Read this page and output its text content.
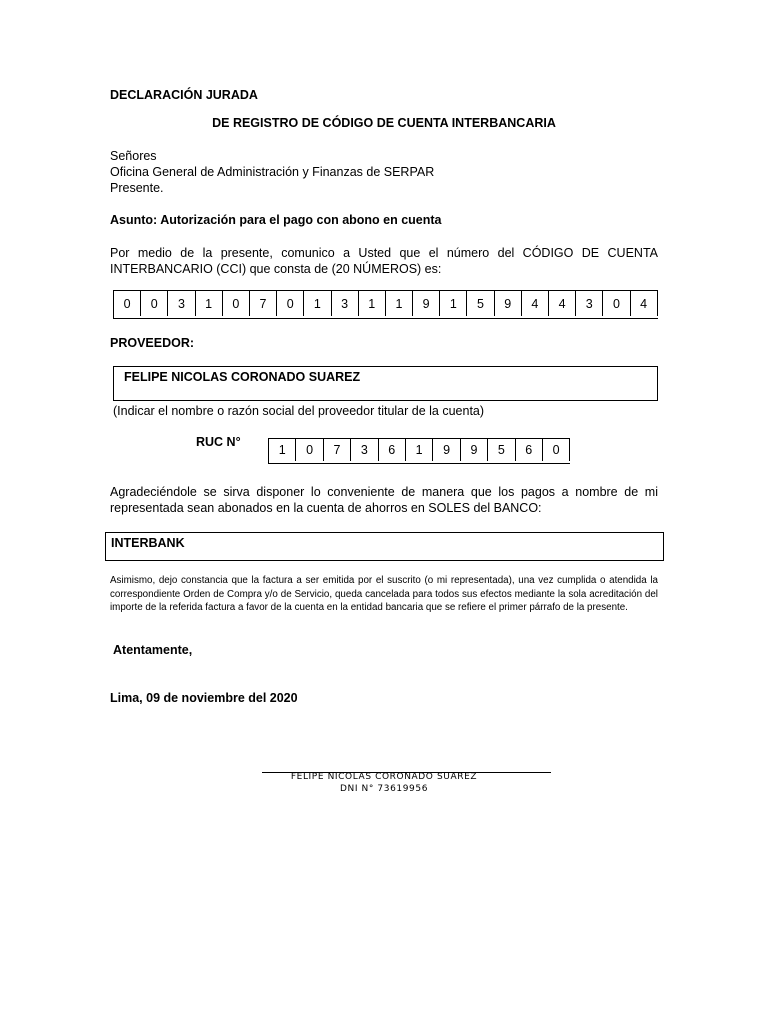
DECLARACIÓN JURADA
DE REGISTRO DE CÓDIGO DE CUENTA INTERBANCARIA
Señores
Oficina General de Administración y Finanzas de SERPAR
Presente.
Asunto: Autorización para el pago con abono en cuenta
Por medio de la presente, comunico a Usted que el número del CÓDIGO DE CUENTA INTERBANCARIO (CCI) que consta de (20 NÚMEROS) es:
0	0	3	1	0	7	0	1	3	1	1	9	1	5	9	4	4	3	0	4
PROVEEDOR:
FELIPE NICOLAS CORONADO SUAREZ
(Indicar el nombre o razón social del proveedor titular de la cuenta)
RUC N°
1	0	7	3	6	1	9	9	5	6	0
Agradeciéndole se sirva disponer lo conveniente de manera que los pagos a nombre de mi representada sean abonados en la cuenta de ahorros en SOLES del BANCO:
INTERBANK
Asimismo, dejo constancia que la factura a ser emitida por el suscrito (o mi representada), una vez cumplida o atendida la correspondiente Orden de Compra y/o de Servicio, queda cancelada para todos sus efectos mediante la sola acreditación del importe de la referida factura a favor de la cuenta en la entidad bancaria que se refiere el primer párrafo de la presente.
Atentamente,
Lima, 09 de noviembre del 2020
FELIPE NICOLAS CORONADO SUAREZ
DNI N° 73619956
